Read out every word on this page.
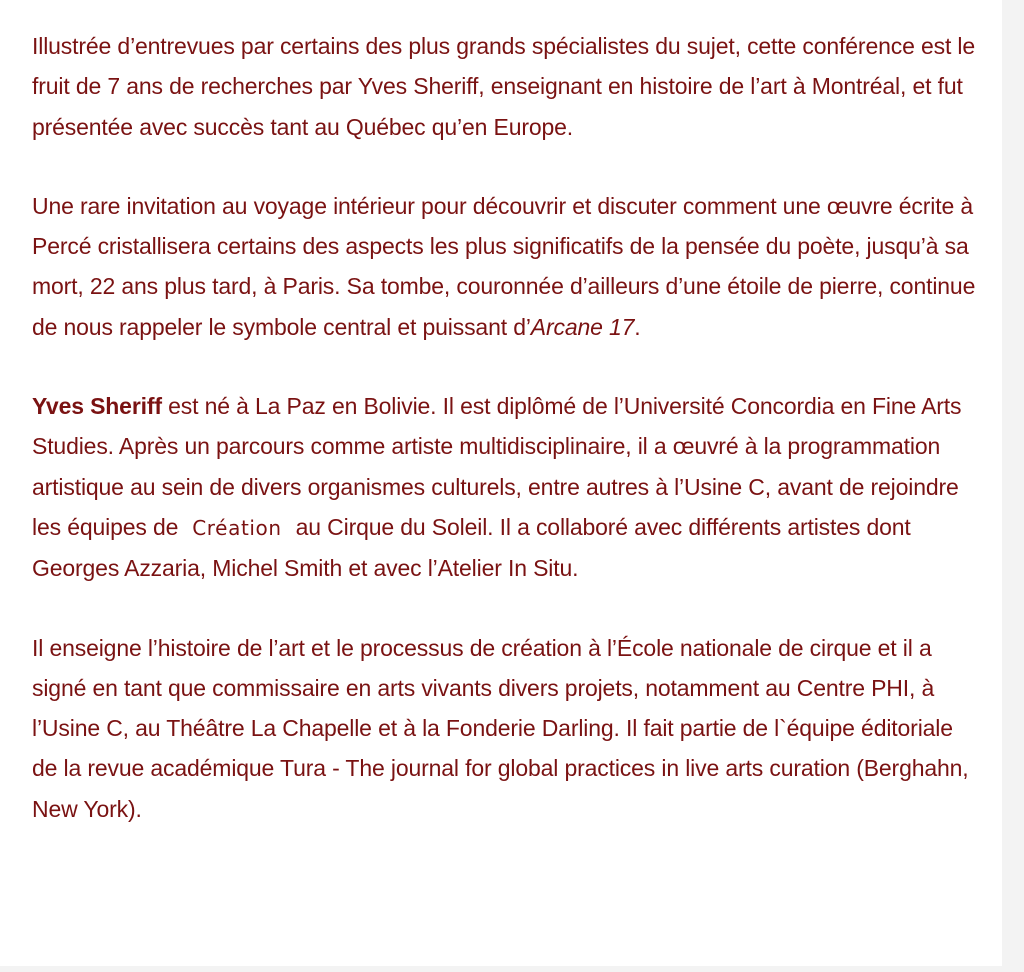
Illustrée d’entrevues par certains des plus grands spécialistes du sujet, cette conférence est le fruit de 7 ans de recherches par Yves Sheriff, enseignant en histoire de l’art à Montréal, et fut présentée avec succès tant au Québec qu’en Europe.

Une rare invitation au voyage intérieur pour découvrir et discuter comment une œuvre écrite à Percé cristallisera certains des aspects les plus significatifs de la pensée du poète, jusqu’à sa mort, 22 ans plus tard, à Paris. Sa tombe, couronnée d’ailleurs d’une étoile de pierre, continue de nous rappeler le symbole central et puissant d’Arcane 17.

Yves Sheriff est né à La Paz en Bolivie. Il est diplômé de l’Université Concordia en Fine Arts Studies. Après un parcours comme artiste multidisciplinaire, il a œuvré à la programmation artistique au sein de divers organismes culturels, entre autres à l’Usine C, avant de rejoindre les équipes de Création au Cirque du Soleil. Il a collaboré avec différents artistes dont Georges Azzaria, Michel Smith et avec l’Atelier In Situ.

Il enseigne l’histoire de l’art et le processus de création à l’École nationale de cirque et il a signé en tant que commissaire en arts vivants divers projets, notamment au Centre PHI, à l’Usine C, au Théâtre La Chapelle et à la Fonderie Darling. Il fait partie de l`équipe éditoriale de la revue académique Tura - The journal for global practices in live arts curation (Berghahn, New York).
